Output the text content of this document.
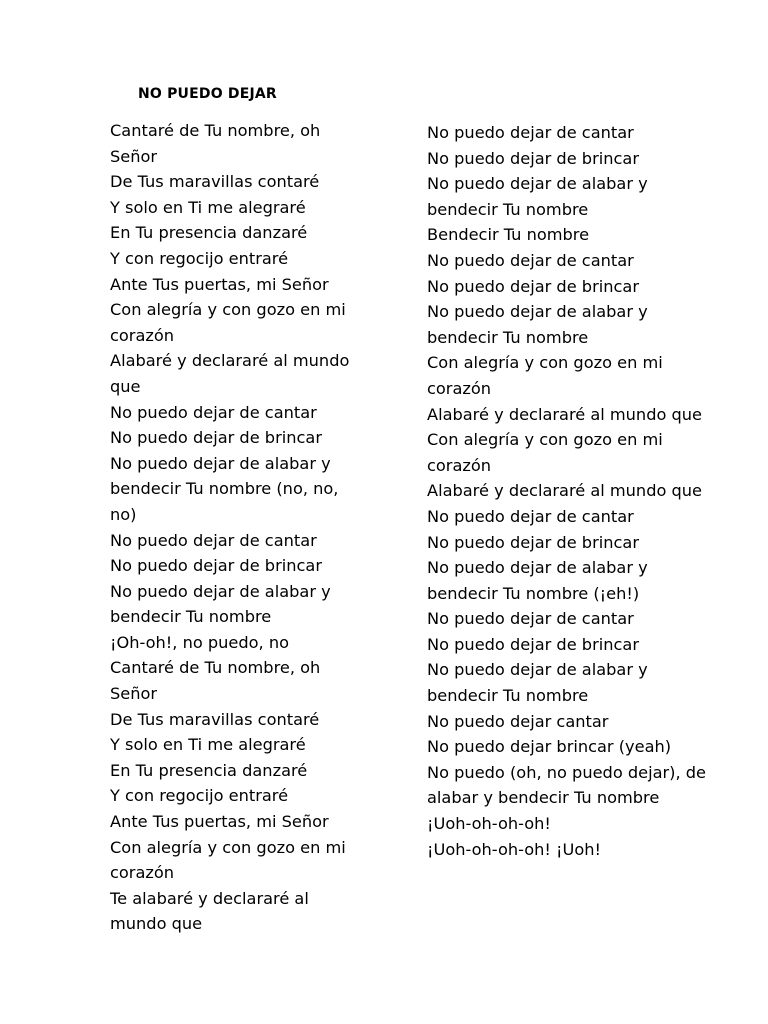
NO PUEDO DEJAR
Cantaré de Tu nombre, oh
Señor
De Tus maravillas contaré
Y solo en Ti me alegraré
En Tu presencia danzaré
Y con regocijo entraré
Ante Tus puertas, mi Señor
Con alegría y con gozo en mi
corazón
Alabaré y declararé al mundo
que
No puedo dejar de cantar
No puedo dejar de brincar
No puedo dejar de alabar y
bendecir Tu nombre (no, no,
no)
No puedo dejar de cantar
No puedo dejar de brincar
No puedo dejar de alabar y
bendecir Tu nombre
¡Oh-oh!, no puedo, no
Cantaré de Tu nombre, oh
Señor
De Tus maravillas contaré
Y solo en Ti me alegraré
En Tu presencia danzaré
Y con regocijo entraré
Ante Tus puertas, mi Señor
Con alegría y con gozo en mi
corazón
Te alabaré y declararé al
mundo que
No puedo dejar de cantar
No puedo dejar de brincar
No puedo dejar de alabar y
bendecir Tu nombre
Bendecir Tu nombre
No puedo dejar de cantar
No puedo dejar de brincar
No puedo dejar de alabar y
bendecir Tu nombre
Con alegría y con gozo en mi
corazón
Alabaré y declararé al mundo que
Con alegría y con gozo en mi
corazón
Alabaré y declararé al mundo que
No puedo dejar de cantar
No puedo dejar de brincar
No puedo dejar de alabar y
bendecir Tu nombre (¡eh!)
No puedo dejar de cantar
No puedo dejar de brincar
No puedo dejar de alabar y
bendecir Tu nombre
No puedo dejar cantar
No puedo dejar brincar (yeah)
No puedo (oh, no puedo dejar), de
alabar y bendecir Tu nombre
¡Uoh-oh-oh-oh!
¡Uoh-oh-oh-oh! ¡Uoh!
